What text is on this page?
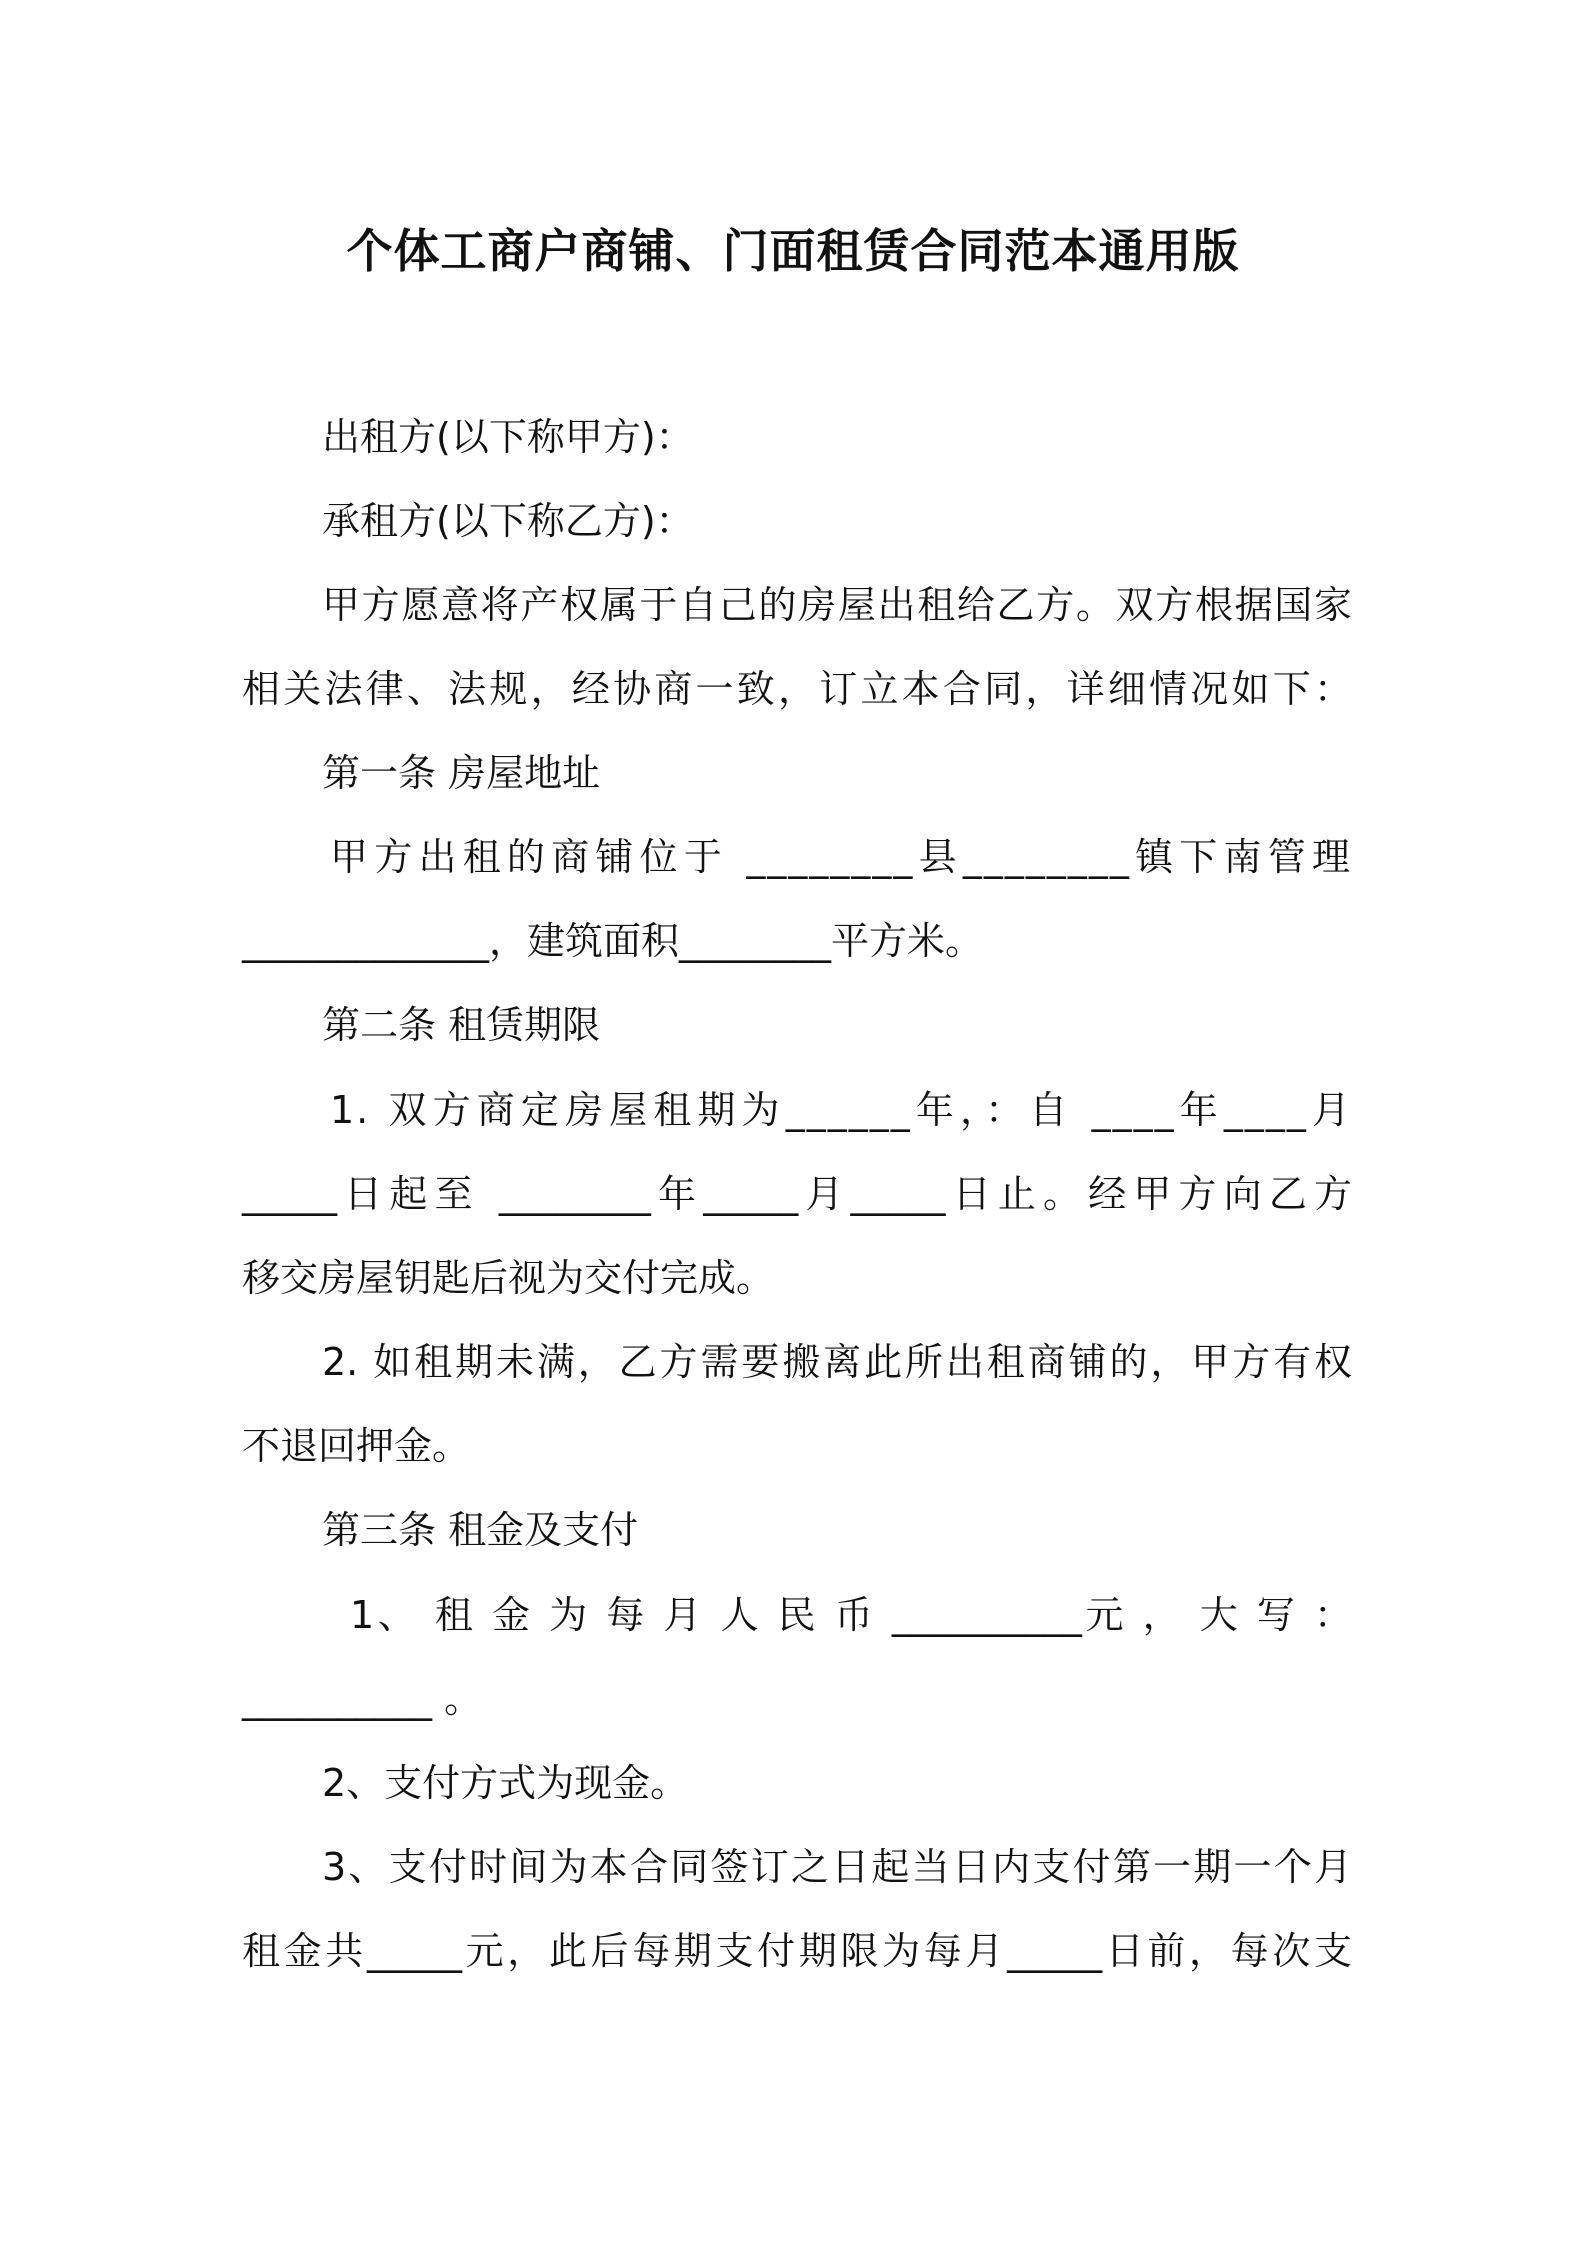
个体工商户商铺、门面租赁合同范本通用版
出租方(以下称甲方)：
承租方(以下称乙方)：
甲方愿意将产权属于自己的房屋出租给乙方。双方根据国家
相关法律、法规，经协商一致，订立本合同，详细情况如下：
第一条 房屋地址
甲方出租的商铺位于 ________县________镇下南管理
_____________，建筑面积________平方米。
第二条 租赁期限
1. 双方商定房屋租期为______年，：自 ____年____月
_____日起至 ________年_____月_____日止。经甲方向乙方
移交房屋钥匙后视为交付完成。
2. 如租期未满，乙方需要搬离此所出租商铺的，甲方有权
不退回押金。
第三条 租金及支付
1、 租 金 为 每 月 人 民 币 __________元 ， 大 写 ：
__________ 。
2、支付方式为现金。
3、支付时间为本合同签订之日起当日内支付第一期一个月
租金共_____元，此后每期支付期限为每月_____日前，每次支
